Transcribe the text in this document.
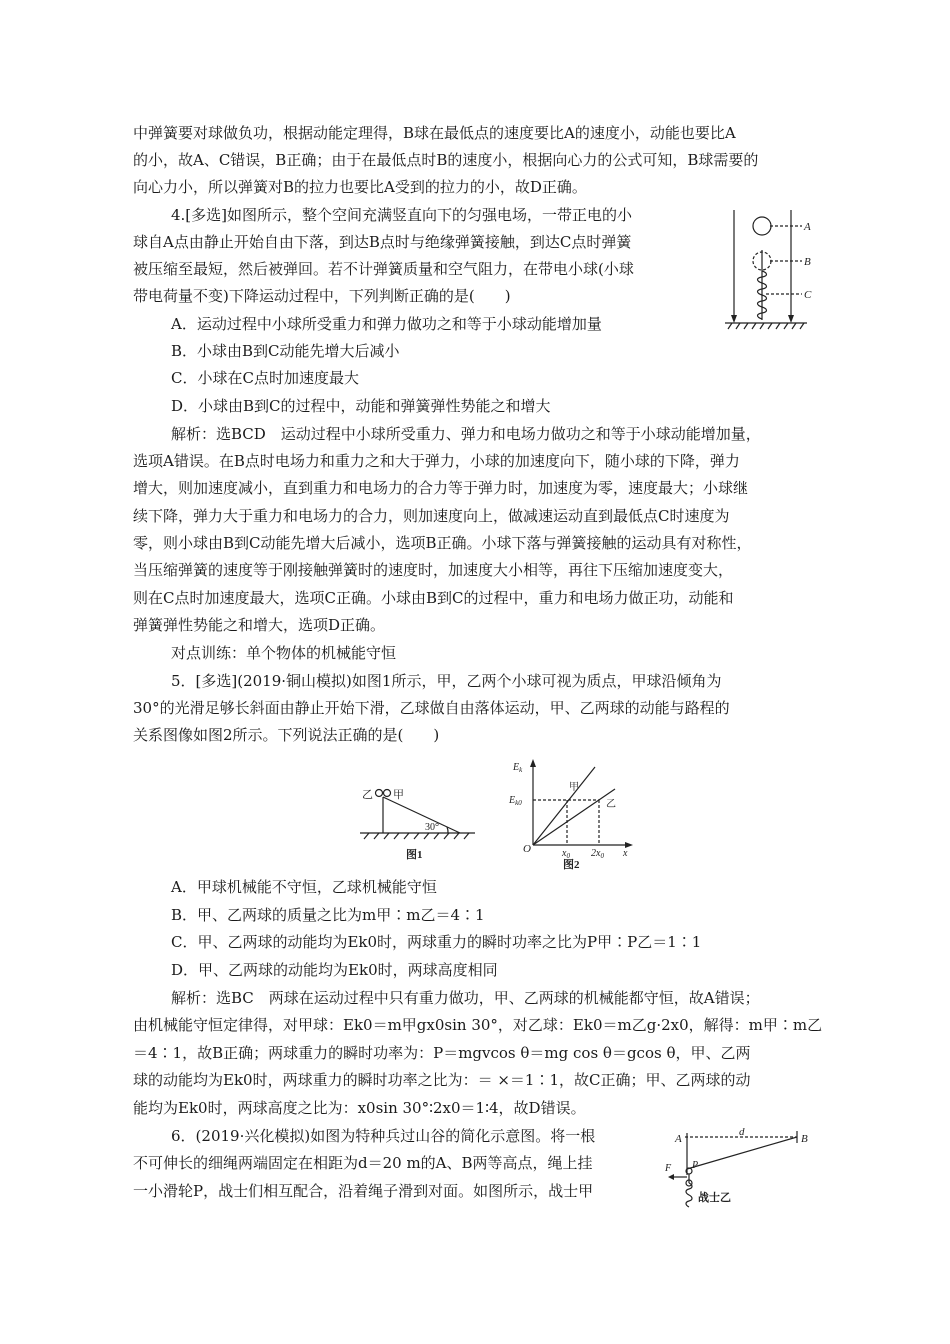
中弹簧要对球做负功，根据动能定理得，B球在最低点的速度要比A的速度小，动能也要比A
的小，故A、C错误，B正确；由于在最低点时B的速度小，根据向心力的公式可知，B球需要的
向心力小，所以弹簧对B的拉力也要比A受到的拉力的小，故D正确。
4.[多选]如图所示，整个空间充满竖直向下的匀强电场，一带正电的小
球自A点由静止开始自由下落，到达B点时与绝缘弹簧接触，到达C点时弹簧
被压缩至最短，然后被弹回。若不计弹簧质量和空气阻力，在带电小球(小球
带电荷量不变)下降运动过程中，下列判断正确的是(　　)
A．运动过程中小球所受重力和弹力做功之和等于小球动能增加量
B．小球由B到C动能先增大后减小
C．小球在C点时加速度最大
D．小球由B到C的过程中，动能和弹簧弹性势能之和增大
解析：选BCD　运动过程中小球所受重力、弹力和电场力做功之和等于小球动能增加量，
选项A错误。在B点时电场力和重力之和大于弹力，小球的加速度向下，随小球的下降，弹力
增大，则加速度减小，直到重力和电场力的合力等于弹力时，加速度为零，速度最大；小球继
续下降，弹力大于重力和电场力的合力，则加速度向上，做减速运动直到最低点C时速度为
零，则小球由B到C动能先增大后减小，选项B正确。小球下落与弹簧接触的运动具有对称性，
当压缩弹簧的速度等于刚接触弹簧时的速度时，加速度大小相等，再往下压缩加速度变大，
则在C点时加速度最大，选项C正确。小球由B到C的过程中，重力和电场力做正功，动能和
弹簧弹性势能之和增大，选项D正确。
对点训练：单个物体的机械能守恒
5．[多选](2019·铜山模拟)如图1所示，甲，乙两个小球可视为质点，甲球沿倾角为
30°的光滑足够长斜面由静止开始下滑，乙球做自由落体运动，甲、乙两球的动能与路程的
关系图像如图2所示。下列说法正确的是(　　)
A．甲球机械能不守恒，乙球机械能守恒
B．甲、乙两球的质量之比为m甲∶m乙＝4∶1
C．甲、乙两球的动能均为Ek0时，两球重力的瞬时功率之比为P甲∶P乙＝1∶1
D．甲、乙两球的动能均为Ek0时，两球高度相同
解析：选BC　两球在运动过程中只有重力做功，甲、乙两球的机械能都守恒，故A错误；
由机械能守恒定律得，对甲球：Ek0＝m甲gx0sin 30°，对乙球：Ek0＝m乙g·2x0，解得：m甲∶m乙
＝4∶1，故B正确；两球重力的瞬时功率为：P＝mgvcos θ＝mg cos θ＝gcos θ，甲、乙两
球的动能均为Ek0时，两球重力的瞬时功率之比为：＝ ×＝1∶1，故C正确；甲、乙两球的动
能均为Ek0时，两球高度之比为：x0sin 30°∶2x0＝1∶4，故D错误。
6．(2019·兴化模拟)如图为特种兵过山谷的简化示意图。将一根
不可伸长的细绳两端固定在相距为d＝20 m的A、B两等高点，绳上挂
一小滑轮P，战士们相互配合，沿着绳子滑到对面。如图所示，战士甲
A
B
C
乙 甲
30°
图1
$E_k$
$E_{k0}$
甲
乙
O	$x_0$ $2x_0$ x
图2
A
d
B
P
F
战士乙
